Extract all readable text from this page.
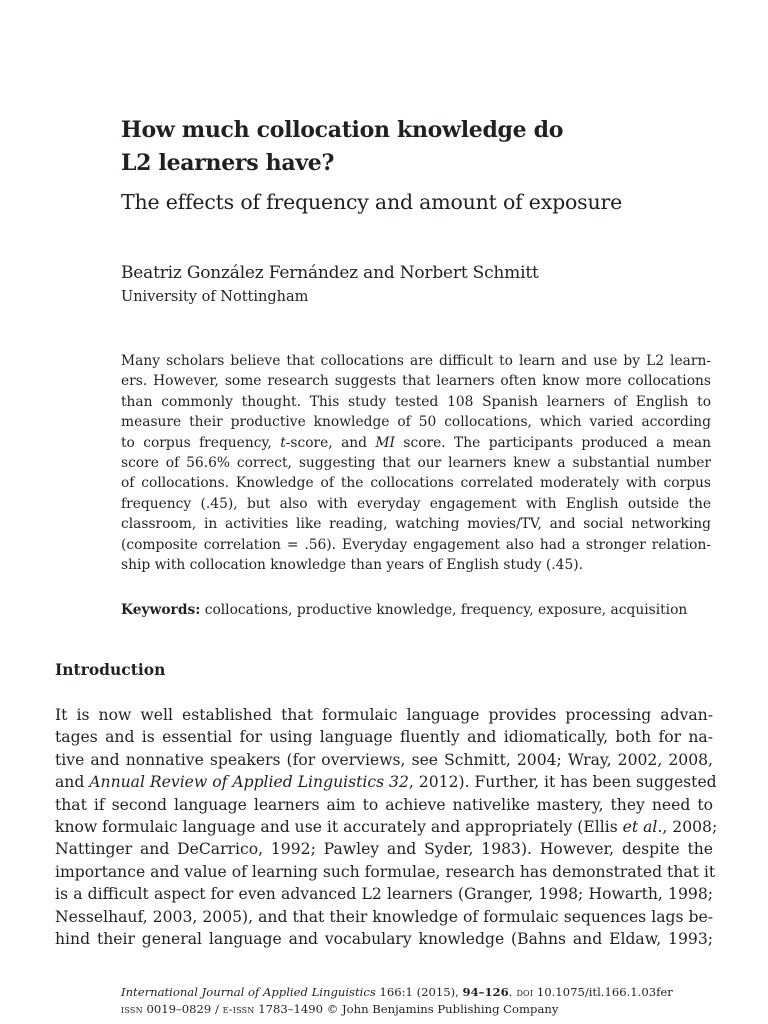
How much collocation knowledge do
L2 learners have?
The effects of frequency and amount of exposure
Beatriz González Fernández and Norbert Schmitt
University of Nottingham
Many scholars believe that collocations are difficult to learn and use by L2 learn-
ers. However, some research suggests that learners often know more collocations
than commonly thought. This study tested 108 Spanish learners of English to
measure their productive knowledge of 50 collocations, which varied according
to corpus frequency, t-score, and MI score. The participants produced a mean
score of 56.6% correct, suggesting that our learners knew a substantial number
of collocations. Knowledge of the collocations correlated moderately with corpus
frequency (.45), but also with everyday engagement with English outside the
classroom, in activities like reading, watching movies/TV, and social networking
(composite correlation = .56). Everyday engagement also had a stronger relation-
ship with collocation knowledge than years of English study (.45).
Keywords: collocations, productive knowledge, frequency, exposure, acquisition
Introduction
It is now well established that formulaic language provides processing advan-
tages and is essential for using language fluently and idiomatically, both for na-
tive and nonnative speakers (for overviews, see Schmitt, 2004; Wray, 2002, 2008,
and Annual Review of Applied Linguistics 32, 2012). Further, it has been suggested
that if second language learners aim to achieve nativelike mastery, they need to
know formulaic language and use it accurately and appropriately (Ellis et al., 2008;
Nattinger and DeCarrico, 1992; Pawley and Syder, 1983). However, despite the
importance and value of learning such formulae, research has demonstrated that it
is a difficult aspect for even advanced L2 learners (Granger, 1998; Howarth, 1998;
Nesselhauf, 2003, 2005), and that their knowledge of formulaic sequences lags be-
hind their general language and vocabulary knowledge (Bahns and Eldaw, 1993;
International Journal of Applied Linguistics 166:1 (2015), 94–126. doi 10.1075/itl.166.1.03fer
issn 0019–0829 / e-issn 1783–1490 © John Benjamins Publishing Company
